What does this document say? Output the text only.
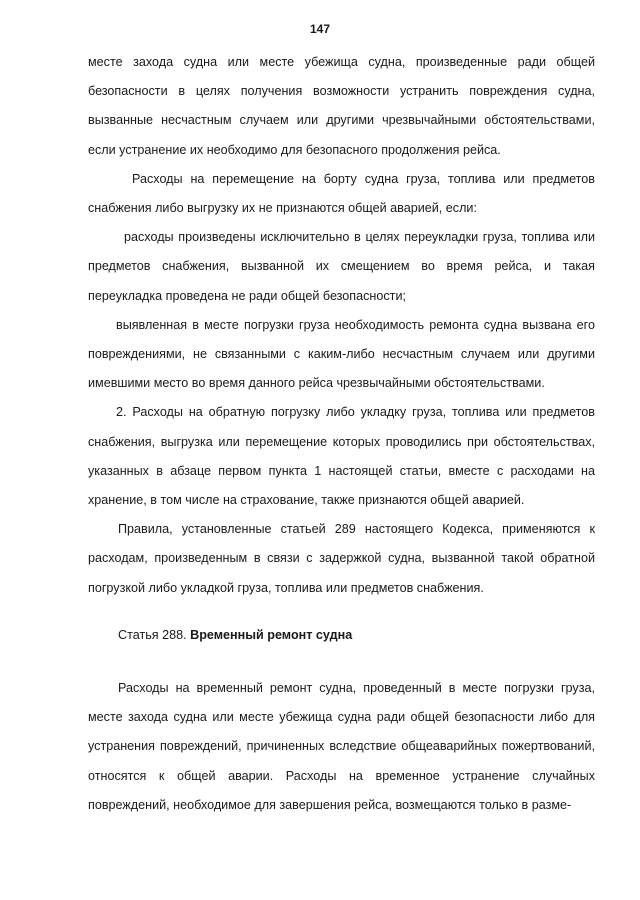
147

месте захода судна или месте убежища судна, произведенные ради общей безопасности в целях получения возможности устранить повреждения судна, вызванные несчастным случаем или другими чрезвычайными обстоятельствами, если устранение их необходимо для безопасного продолжения рейса.

Расходы на перемещение на борту судна груза, топлива или предметов снабжения либо выгрузку их не признаются общей аварией, если:

расходы произведены исключительно в целях переукладки груза, топлива или предметов снабжения, вызванной их смещением во время рейса, и такая переукладка проведена не ради общей безопасности;

выявленная в месте погрузки груза необходимость ремонта судна вызвана его повреждениями, не связанными с каким-либо несчастным случаем или другими имевшими место во время данного рейса чрезвычайными обстоятельствами.

2. Расходы на обратную погрузку либо укладку груза, топлива или предметов снабжения, выгрузка или перемещение которых проводились при обстоятельствах, указанных в абзаце первом пункта 1 настоящей статьи, вместе с расходами на хранение, в том числе на страхование, также признаются общей аварией.

Правила, установленные статьей 289 настоящего Кодекса, применяются к расходам, произведенным в связи с задержкой судна, вызванной такой обратной погрузкой либо укладкой груза, топлива или предметов снабжения.

Статья 288. Временный ремонт судна

Расходы на временный ремонт судна, проведенный в месте погрузки груза, месте захода судна или месте убежища судна ради общей безопасности либо для устранения повреждений, причиненных вследствие общеаварийных пожертвований, относятся к общей аварии. Расходы на временное устранение случайных повреждений, необходимое для завершения рейса, возмещаются только в разме-
